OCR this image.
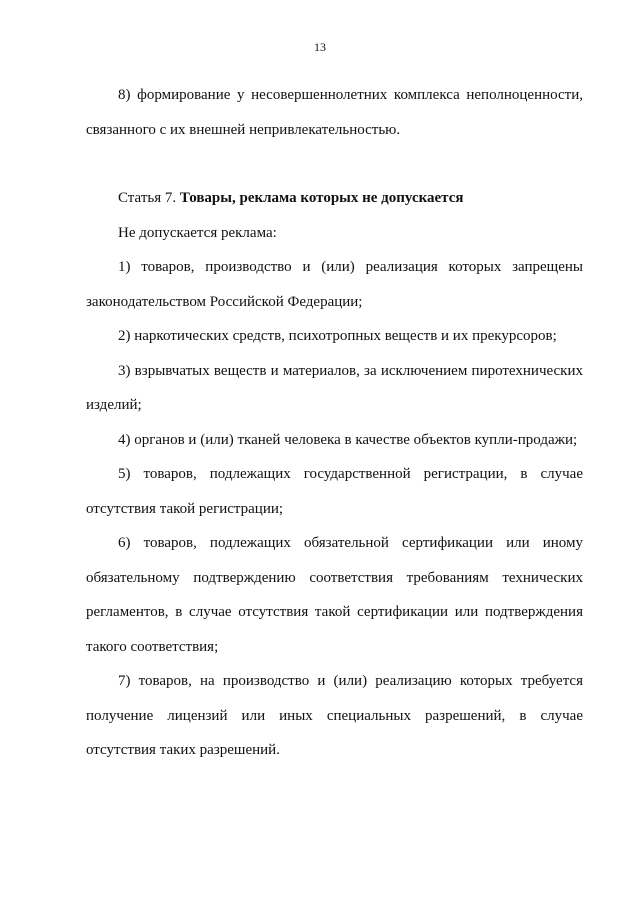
13

8) формирование у несовершеннолетних комплекса неполноценности, связанного с их внешней непривлекательностью.

Статья 7. Товары, реклама которых не допускается

Не допускается реклама:

1) товаров, производство и (или) реализация которых запрещены законодательством Российской Федерации;

2) наркотических средств, психотропных веществ и их прекурсоров;

3) взрывчатых веществ и материалов, за исключением пиротехнических изделий;

4) органов и (или) тканей человека в качестве объектов купли-продажи;

5) товаров, подлежащих государственной регистрации, в случае отсутствия такой регистрации;

6) товаров, подлежащих обязательной сертификации или иному обязательному подтверждению соответствия требованиям технических регламентов, в случае отсутствия такой сертификации или подтверждения такого соответствия;

7) товаров, на производство и (или) реализацию которых требуется получение лицензий или иных специальных разрешений, в случае отсутствия таких разрешений.
